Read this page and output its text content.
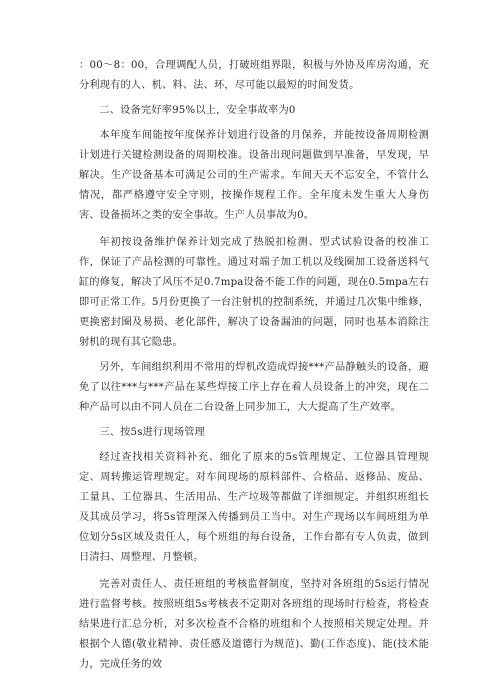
：00～8：00，合理调配人员，打破班组界限，积极与外协及库房沟通，充分利现有的人、机、料、法、环，尽可能以最短的时间发货。

二、设备完好率95%以上，安全事故率为0

本年度车间能按年度保养计划进行设备的月保养，并能按设备周期检测计划进行关键检测设备的周期校准。设备出现问题做到早准备，早发现，早解决。生产设备基本可满足公司的生产需求。车间天天不忘安全，不管什么情况，都严格遵守安全守则，按操作规程工作。全年度未发生重大人身伤害、设备损坏之类的安全事故。生产人员事故为0。

年初按设备维护保养计划完成了热脱扣检测、型式试验设备的校准工作，保证了产品检测的可靠性。通过对端子加工机以及线圈加工设备送料气缸的修复，解决了风压不足0.7mpa设备不能工作的问题，现在0.5mpa左右即可正常工作。5月份更换了一台注射机的控制系统，并通过几次集中维修，更换密封圈及易损、老化部件，解决了设备漏油的问题，同时也基本消除注射机的现有其它隐患。

另外，车间组织利用不常用的焊机改造成焊接***产品静触头的设备，避免了以往***与***产品在某些焊接工序上存在着人员设备上的冲突，现在二种产品可以由不同人员在二台设备上同步加工，大大提高了生产效率。

三、按5s进行现场管理

经过查找相关资料补充、细化了原来的5s管理规定、工位器具管理规定、周转搬运管理规定。对车间现场的原料部件、合格品、返修品、废品、工量具、工位器具、生活用品、生产垃圾等都做了详细规定。并组织班组长及其成员学习，将5s管理深入传播到员工当中。对生产现场以车间班组为单位划分5s区域及责任人，每个班组的每台设备，工作台都有专人负责，做到日清扫、周整理、月整顿。

完善对责任人、责任班组的考核监督制度，坚持对各班组的5s运行情况进行监督考核。按照班组5s考核表不定期对各班组的现场时行检查，将检查结果进行汇总分析，对多次检查不合格的班组和个人按照相关规定处理。并根据个人德(敬业精神、责任感及道德行为规范)、勤(工作态度)、能(技术能力，完成任务的效
